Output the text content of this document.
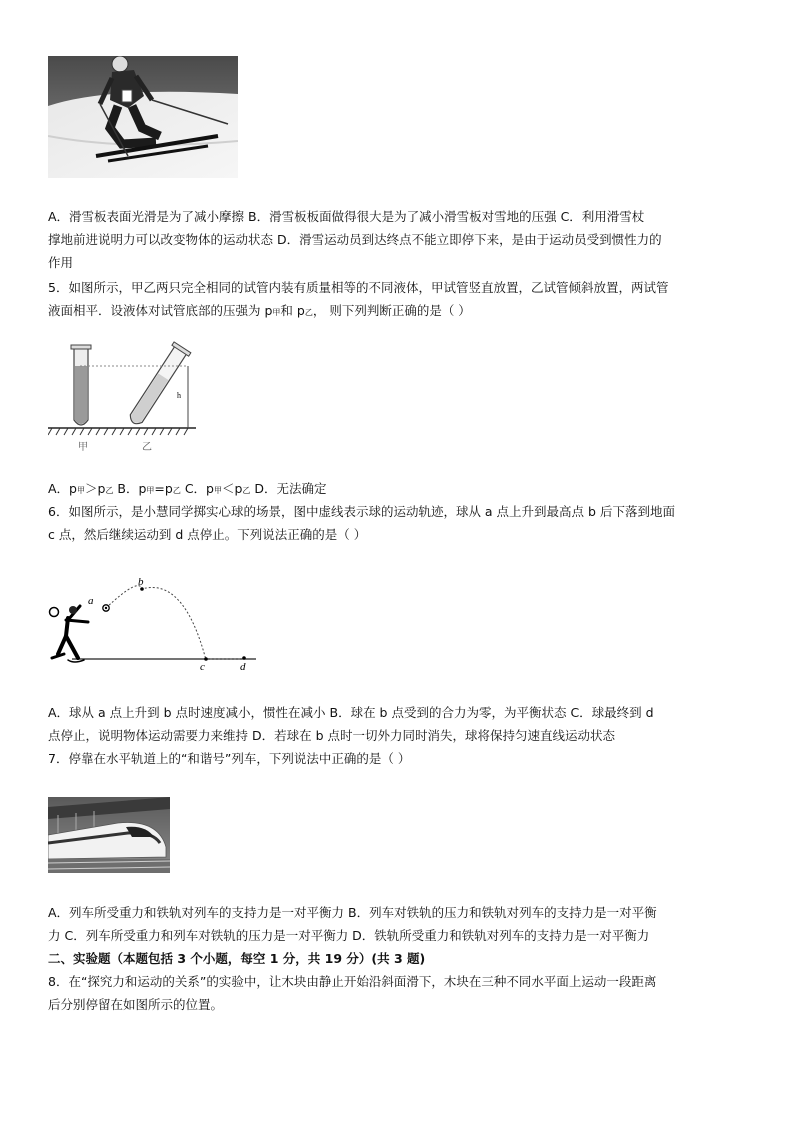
A．滑雪板表面光滑是为了减小摩擦 B．滑雪板板面做得很大是为了减小滑雪板对雪地的压强 C．利用滑雪杖
撑地前进说明力可以改变物体的运动状态 D．滑雪运动员到达终点不能立即停下来，是由于运动员受到惯性力的
作用

5．如图所示，甲乙两只完全相同的试管内装有质量相等的不同液体，甲试管竖直放置，乙试管倾斜放置，两试管
液面相平．设液体对试管底部的压强为 p甲和 p乙， 则下列判断正确的是（ ）

h
甲	乙

A．p甲＞p乙 B．p甲=p乙 C．p甲＜p乙 D．无法确定

6．如图所示，是小慧同学掷实心球的场景，图中虚线表示球的运动轨迹，球从 a 点上升到最高点 b 后下落到地面
c 点，然后继续运动到 d 点停止。下列说法正确的是（ ）

a
b
c	d

A．球从 a 点上升到 b 点时速度减小，惯性在减小 B．球在 b 点受到的合力为零，为平衡状态 C．球最终到 d
点停止，说明物体运动需要力来维持 D．若球在 b 点时一切外力同时消失，球将保持匀速直线运动状态

7．停靠在水平轨道上的“和谐号”列车，下列说法中正确的是（ ）

A．列车所受重力和铁轨对列车的支持力是一对平衡力 B．列车对铁轨的压力和铁轨对列车的支持力是一对平衡
力 C．列车所受重力和列车对铁轨的压力是一对平衡力 D．铁轨所受重力和铁轨对列车的支持力是一对平衡力

二、实验题（本题包括 3 个小题，每空 1 分，共 19 分）(共 3 题)

8．在“探究力和运动的关系”的实验中，让木块由静止开始沿斜面滑下，木块在三种不同水平面上运动一段距离
后分别停留在如图所示的位置。
